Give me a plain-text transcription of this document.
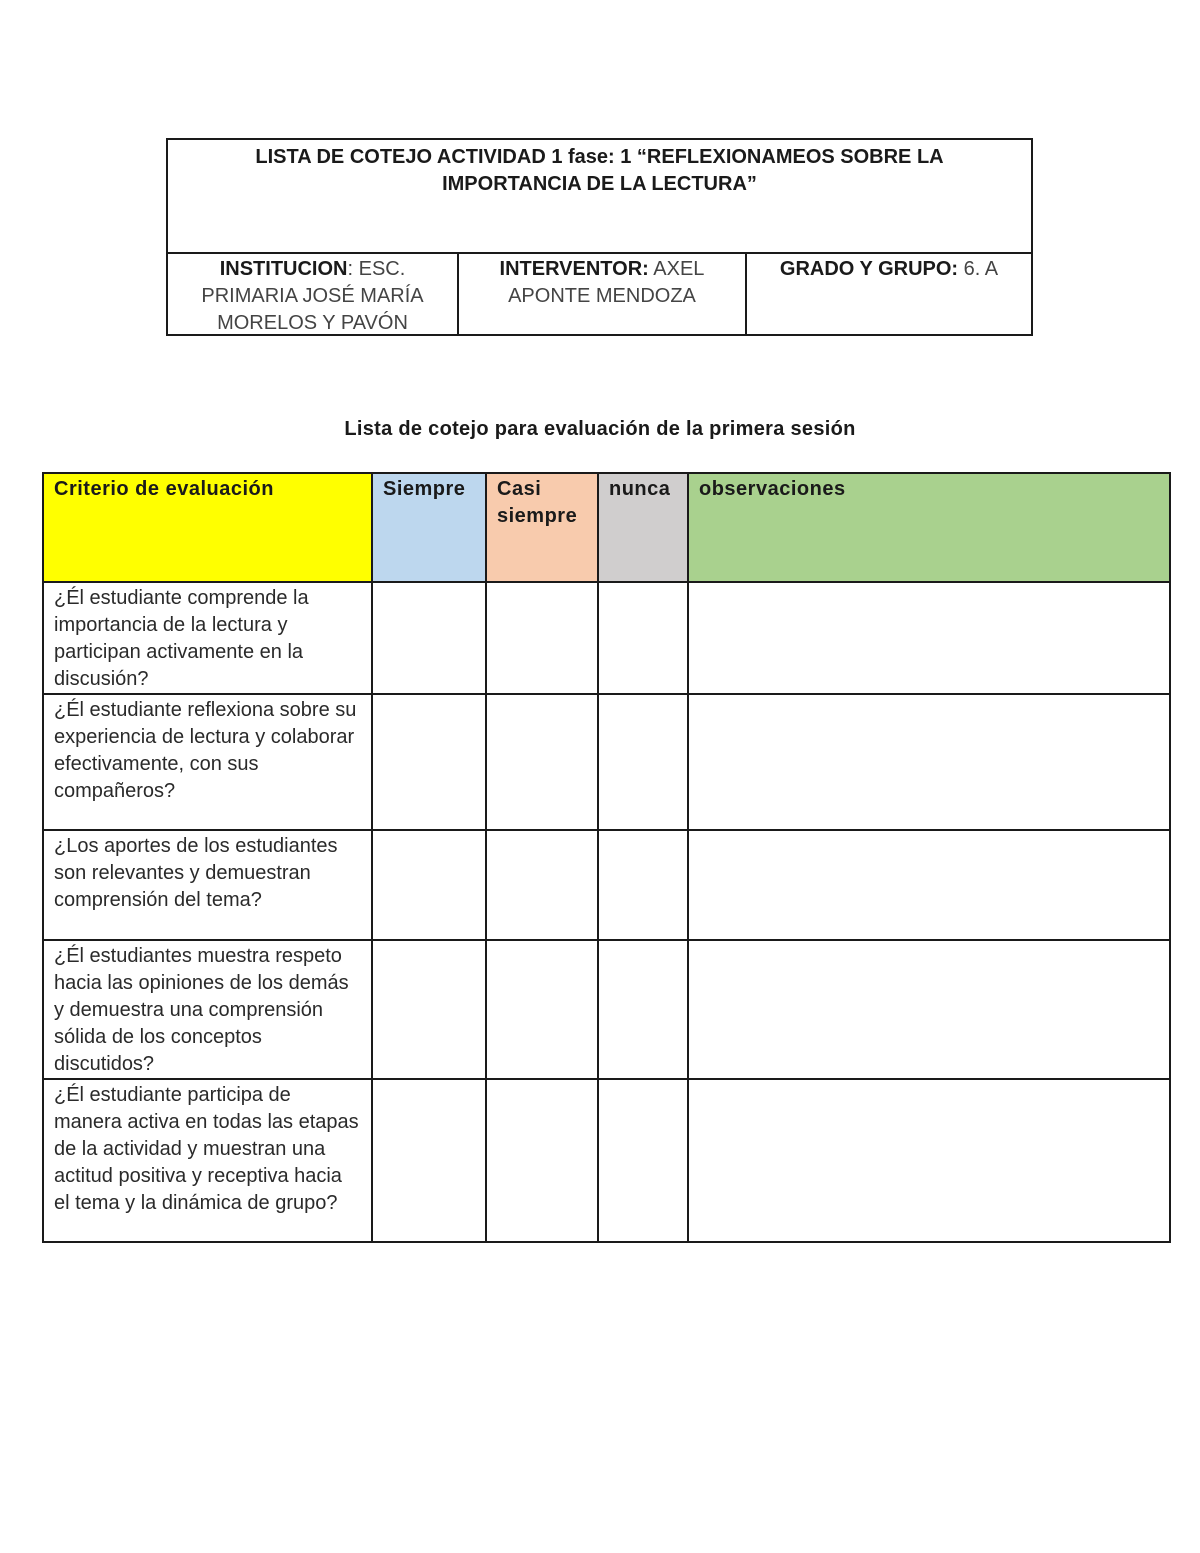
LISTA DE COTEJO ACTIVIDAD 1 fase: 1 “REFLEXIONAMEOS SOBRE LA IMPORTANCIA DE LA LECTURA”
INSTITUCION: ESC. PRIMARIA JOSÉ MARÍA MORELOS Y PAVÓN
INTERVENTOR: AXEL APONTE MENDOZA
GRADO Y GRUPO: 6. A
Lista de cotejo para evaluación de la primera sesión
Criterio de evaluación	Siempre	Casi siempre	nunca	observaciones
¿Él estudiante comprende la importancia de la lectura y participan activamente en la discusión?				
¿Él estudiante reflexiona sobre su experiencia de lectura y colaborar efectivamente, con sus compañeros?				
¿Los aportes de los estudiantes son relevantes y demuestran comprensión del tema?				
¿Él estudiantes muestra respeto hacia las opiniones de los demás y demuestra una comprensión sólida de los conceptos discutidos?				
¿Él estudiante participa de manera activa en todas las etapas de la actividad y muestran una actitud positiva y receptiva hacia el tema y la dinámica de grupo?				
